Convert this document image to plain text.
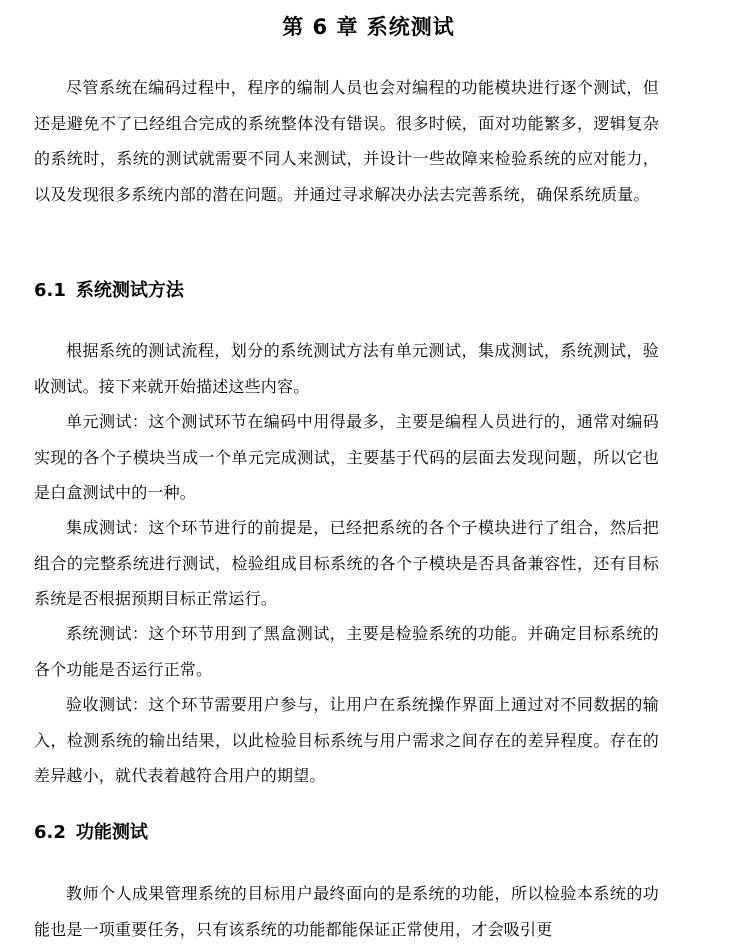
第 6 章 系统测试

尽管系统在编码过程中，程序的编制人员也会对编程的功能模块进行逐个测试，但还是避免不了已经组合完成的系统整体没有错误。很多时候，面对功能繁多，逻辑复杂的系统时，系统的测试就需要不同人来测试，并设计一些故障来检验系统的应对能力，以及发现很多系统内部的潜在问题。并通过寻求解决办法去完善系统，确保系统质量。

6.1 系统测试方法

根据系统的测试流程，划分的系统测试方法有单元测试，集成测试，系统测试，验收测试。接下来就开始描述这些内容。

单元测试：这个测试环节在编码中用得最多，主要是编程人员进行的，通常对编码实现的各个子模块当成一个单元完成测试，主要基于代码的层面去发现问题，所以它也是白盒测试中的一种。

集成测试：这个环节进行的前提是，已经把系统的各个子模块进行了组合，然后把组合的完整系统进行测试，检验组成目标系统的各个子模块是否具备兼容性，还有目标系统是否根据预期目标正常运行。

系统测试：这个环节用到了黑盒测试，主要是检验系统的功能。并确定目标系统的各个功能是否运行正常。

验收测试：这个环节需要用户参与，让用户在系统操作界面上通过对不同数据的输入，检测系统的输出结果，以此检验目标系统与用户需求之间存在的差异程度。存在的差异越小，就代表着越符合用户的期望。

6.2 功能测试

教师个人成果管理系统的目标用户最终面向的是系统的功能，所以检验本系统的功能也是一项重要任务，只有该系统的功能都能保证正常使用，才会吸引更
